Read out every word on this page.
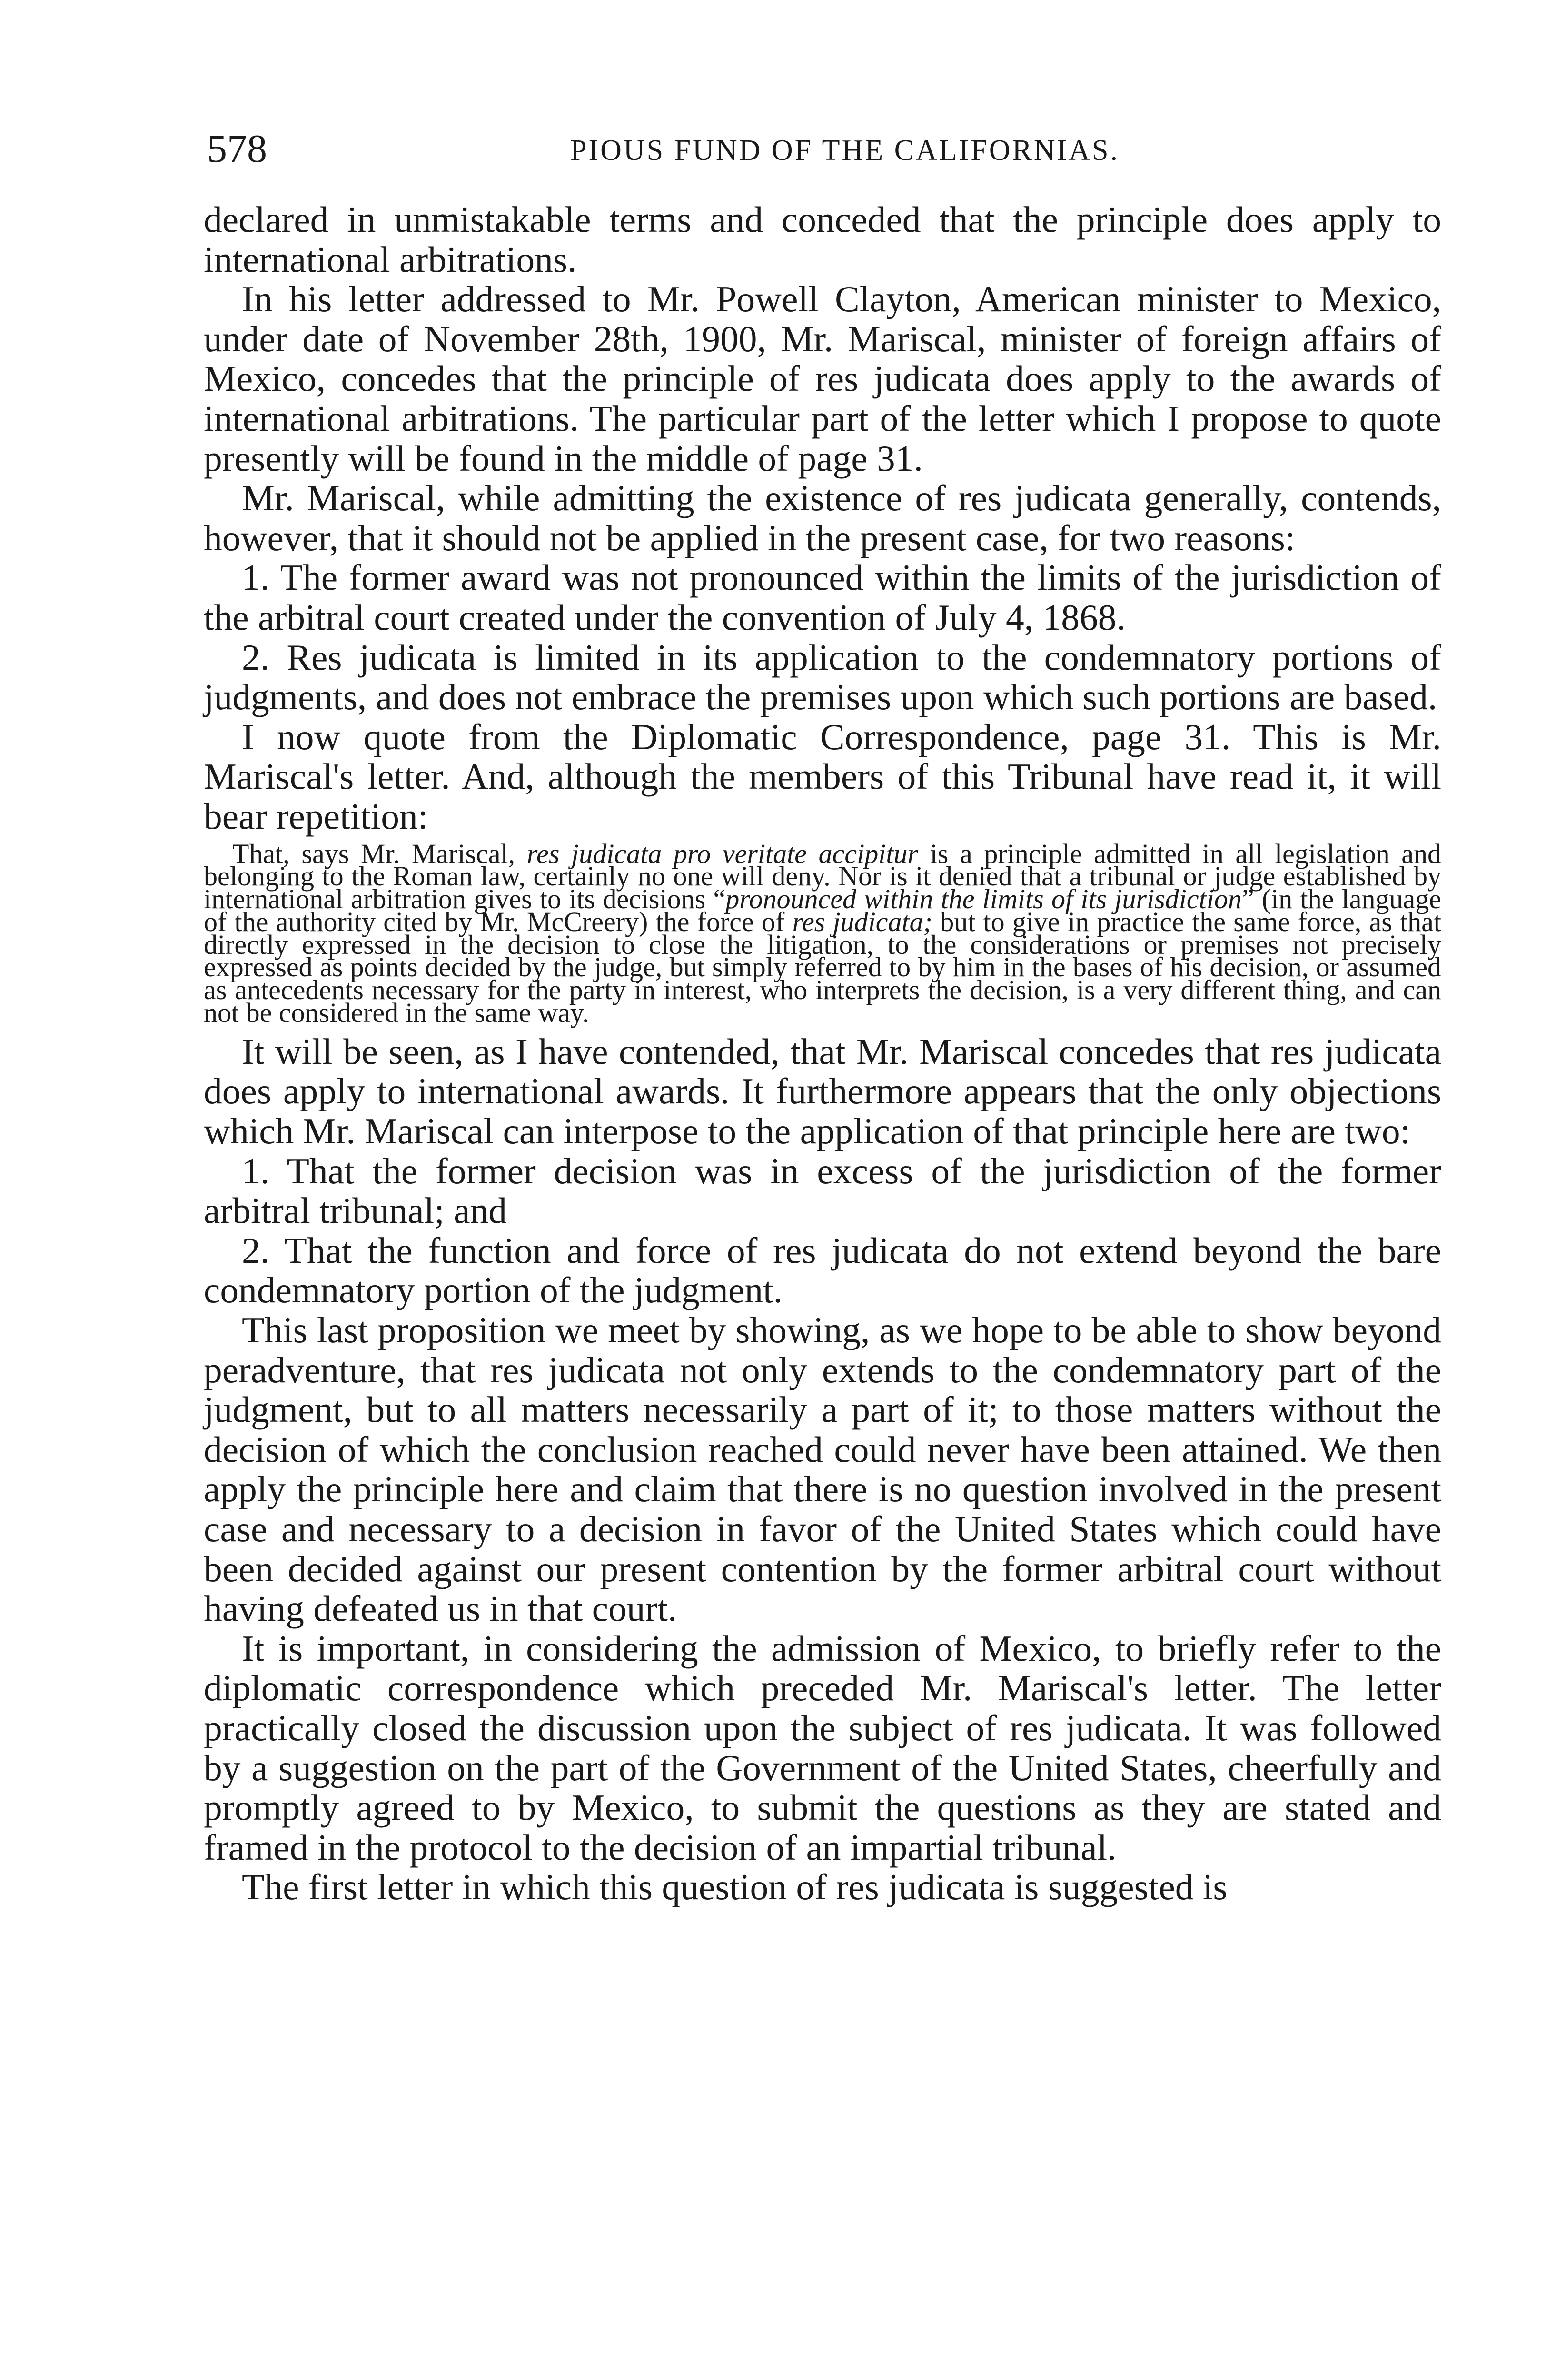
578	PIOUS FUND OF THE CALIFORNIAS.

declared in unmistakable terms and conceded that the principle does apply to international arbitrations.

In his letter addressed to Mr. Powell Clayton, American minister to Mexico, under date of November 28th, 1900, Mr. Mariscal, minister of foreign affairs of Mexico, concedes that the principle of res judicata does apply to the awards of international arbitrations. The particular part of the letter which I propose to quote presently will be found in the middle of page 31.

Mr. Mariscal, while admitting the existence of res judicata generally, contends, however, that it should not be applied in the present case, for two reasons:

1. The former award was not pronounced within the limits of the jurisdiction of the arbitral court created under the convention of July 4, 1868.

2. Res judicata is limited in its application to the condemnatory portions of judgments, and does not embrace the premises upon which such portions are based.

I now quote from the Diplomatic Correspondence, page 31. This is Mr. Mariscal's letter. And, although the members of this Tribunal have read it, it will bear repetition:

That, says Mr. Mariscal, res judicata pro veritate accipitur is a principle admitted in all legislation and belonging to the Roman law, certainly no one will deny. Nor is it denied that a tribunal or judge established by international arbitration gives to its decisions “pronounced within the limits of its jurisdiction” (in the language of the authority cited by Mr. McCreery) the force of res judicata; but to give in practice the same force, as that directly expressed in the decision to close the litigation, to the considerations or premises not precisely expressed as points decided by the judge, but simply referred to by him in the bases of his decision, or assumed as antecedents necessary for the party in interest, who interprets the decision, is a very different thing, and can not be considered in the same way.

It will be seen, as I have contended, that Mr. Mariscal concedes that res judicata does apply to international awards. It furthermore appears that the only objections which Mr. Mariscal can interpose to the application of that principle here are two:

1. That the former decision was in excess of the jurisdiction of the former arbitral tribunal; and

2. That the function and force of res judicata do not extend beyond the bare condemnatory portion of the judgment.

This last proposition we meet by showing, as we hope to be able to show beyond peradventure, that res judicata not only extends to the condemnatory part of the judgment, but to all matters necessarily a part of it; to those matters without the decision of which the conclusion reached could never have been attained. We then apply the principle here and claim that there is no question involved in the present case and necessary to a decision in favor of the United States which could have been decided against our present contention by the former arbitral court without having defeated us in that court.

It is important, in considering the admission of Mexico, to briefly refer to the diplomatic correspondence which preceded Mr. Mariscal's letter. The letter practically closed the discussion upon the subject of res judicata. It was followed by a suggestion on the part of the Government of the United States, cheerfully and promptly agreed to by Mexico, to submit the questions as they are stated and framed in the protocol to the decision of an impartial tribunal.

The first letter in which this question of res judicata is suggested is
